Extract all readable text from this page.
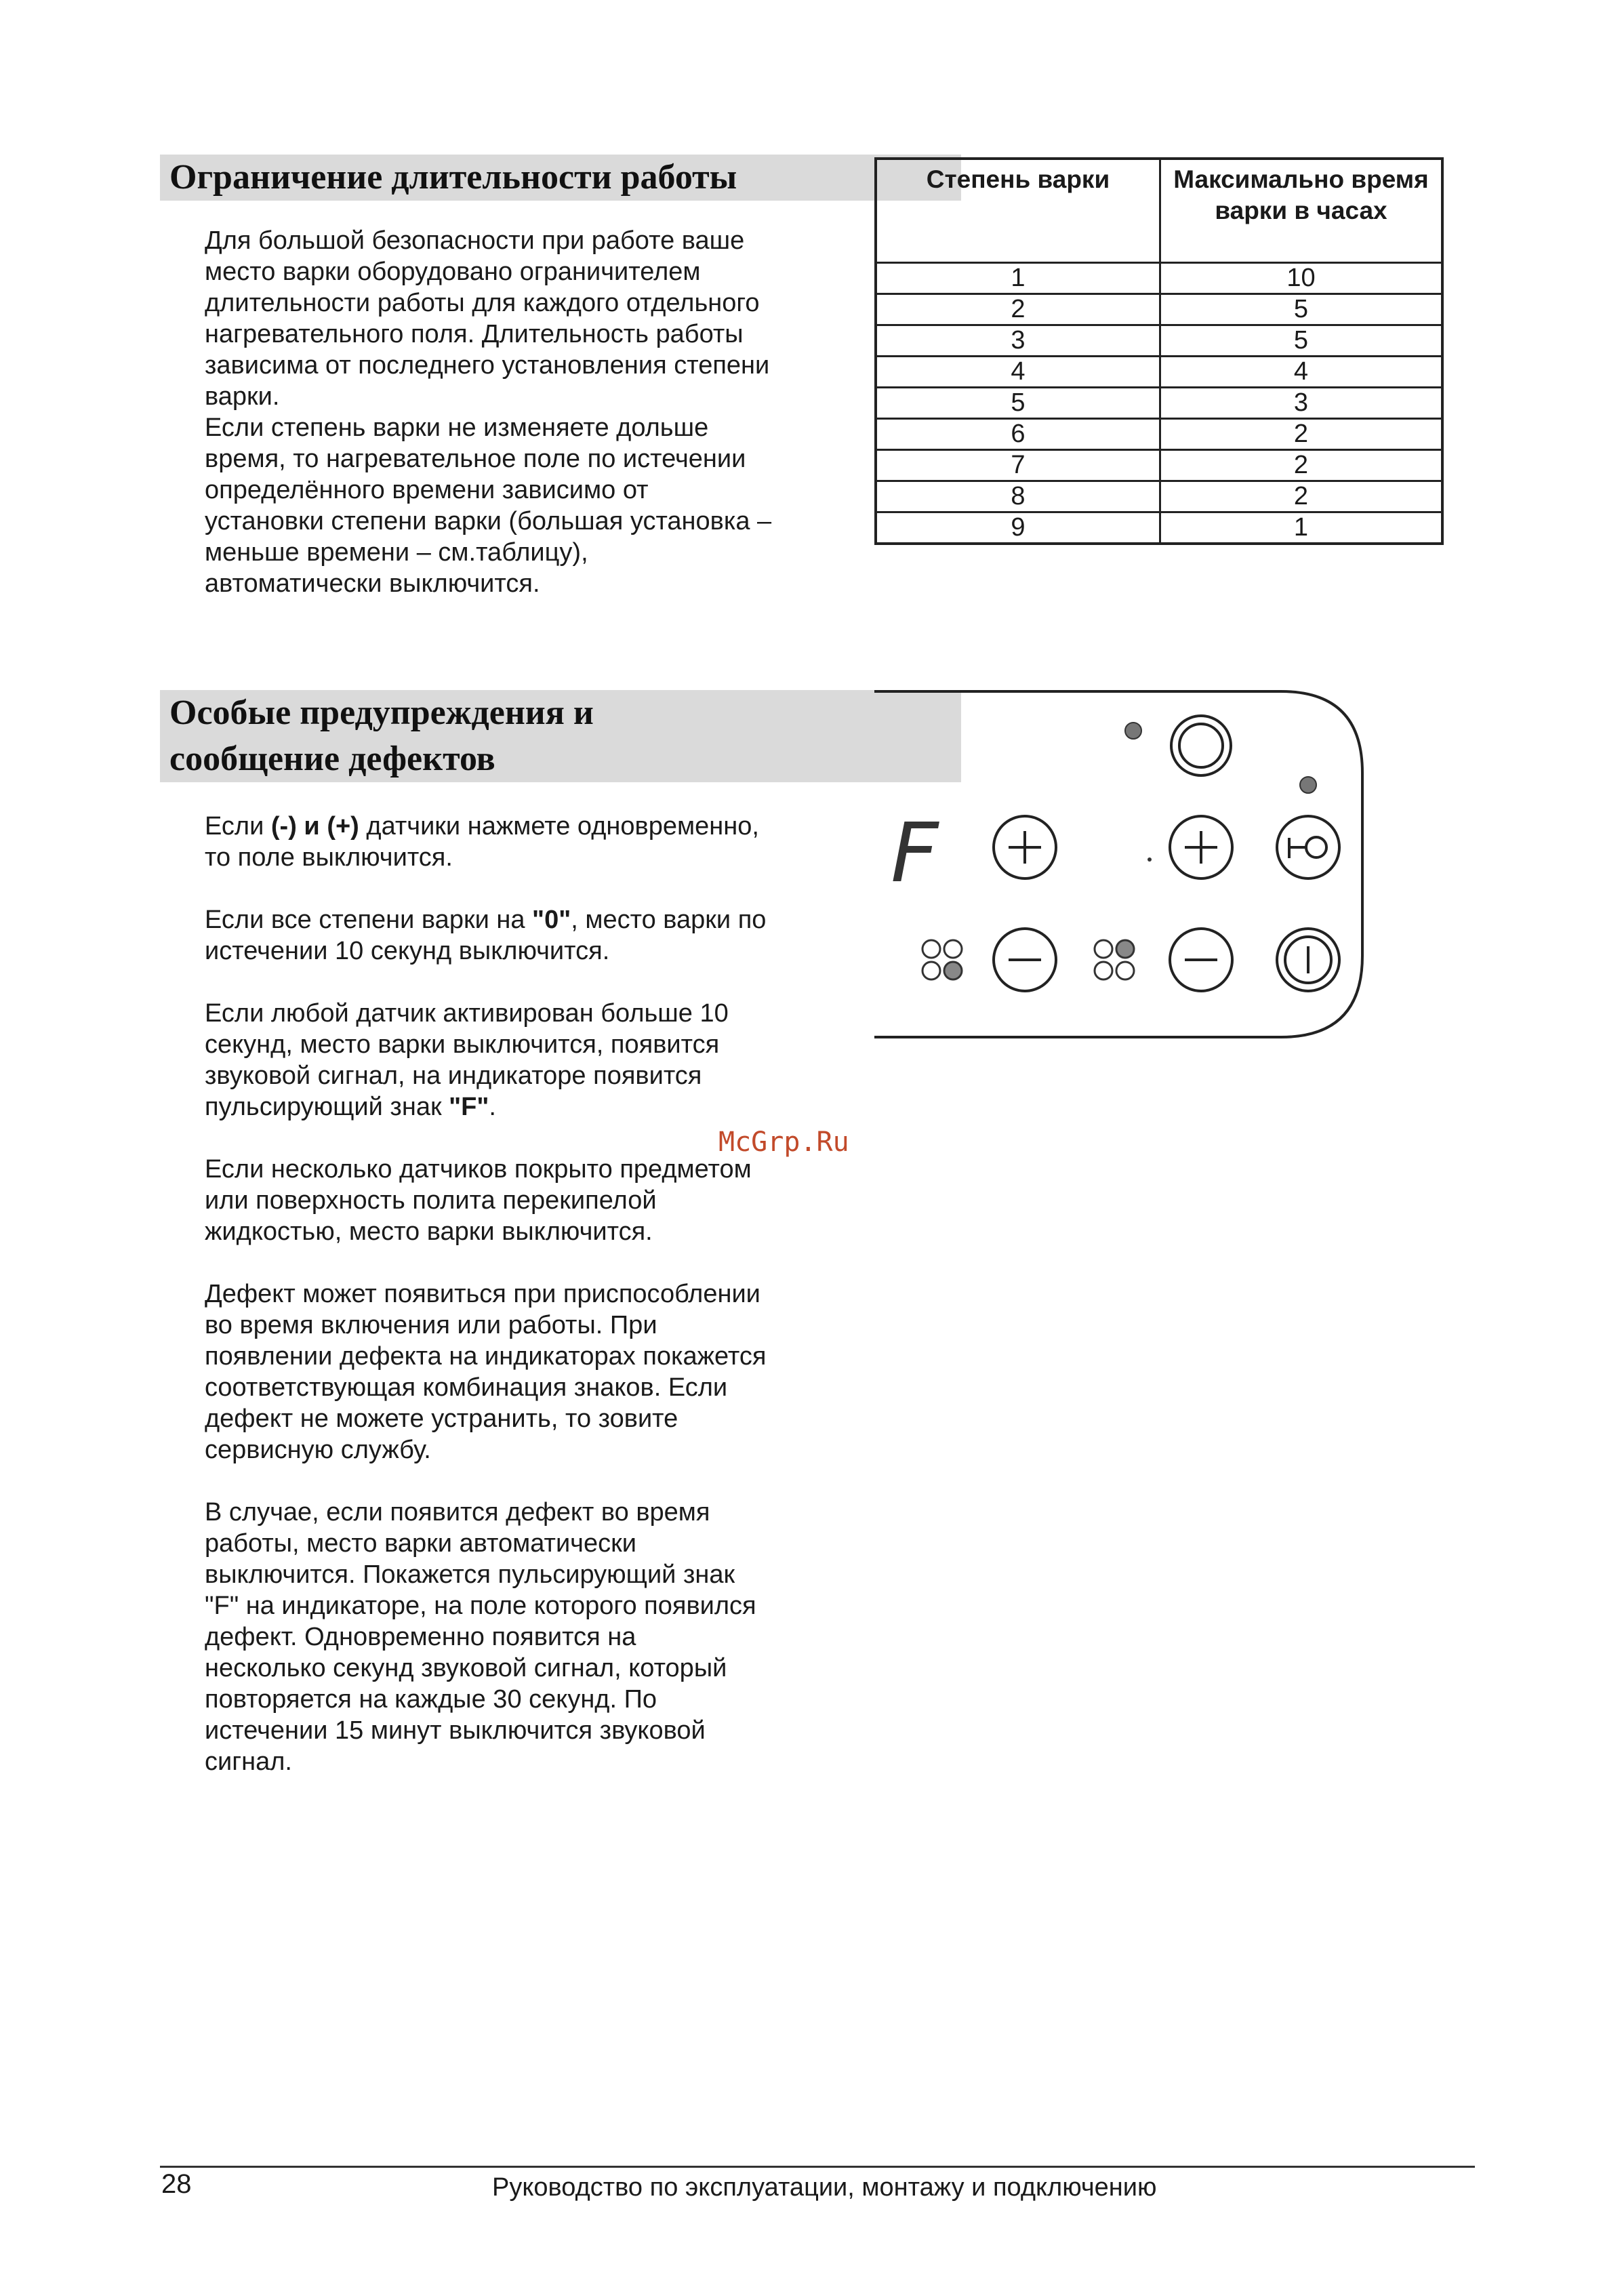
Ограничение длительности работы

Для большой безопасности при работе ваше
место варки оборудовано ограничителем
длительности работы для каждого отдельного
нагревательного поля. Длительность работы
зависима от последнего установления степени
варки.
Если степень варки не изменяете дольше
время, то нагревательное поле по истечении
определённого времени зависимо от
установки степени варки (большая установка –
меньше времени – см.таблицу),
автоматически выключится.

Степень варки	Максимально время варки в часах
1	10
2	5
3	5
4	4
5	3
6	2
7	2
8	2
9	1
Особые предупреждения и
сообщение дефектов

Если (-) и (+) датчики нажмете одновременно,
то поле выключится.

Если все степени варки на "0", место варки по
истечении 10 секунд выключится.

Если любой датчик активирован больше 10
секунд, место варки выключится, появится
звуковой сигнал, на индикаторе появится
пульсирующий знак "F".

Если несколько датчиков покрыто предметом
или поверхность полита перекипелой
жидкостью, место варки выключится.

Дефект может появиться при приспособлении
во время включения или работы. При
появлении дефекта на индикаторах покажется
соответствующая комбинация знаков. Если
дефект не можете устранить, то зовите
сервисную службу.

В случае, если появится дефект во время
работы, место варки автоматически
выключится. Покажется пульсирующий знак
"F" на индикаторе, на поле которого появился
дефект. Одновременно появится на
несколько секунд звуковой сигнал, который
повторяется на каждые 30 секунд. По
истечении 15 минут выключится звуковой
сигнал.

F
McGrp.Ru
28	Руководство по эксплуатации, монтажу и подключению
